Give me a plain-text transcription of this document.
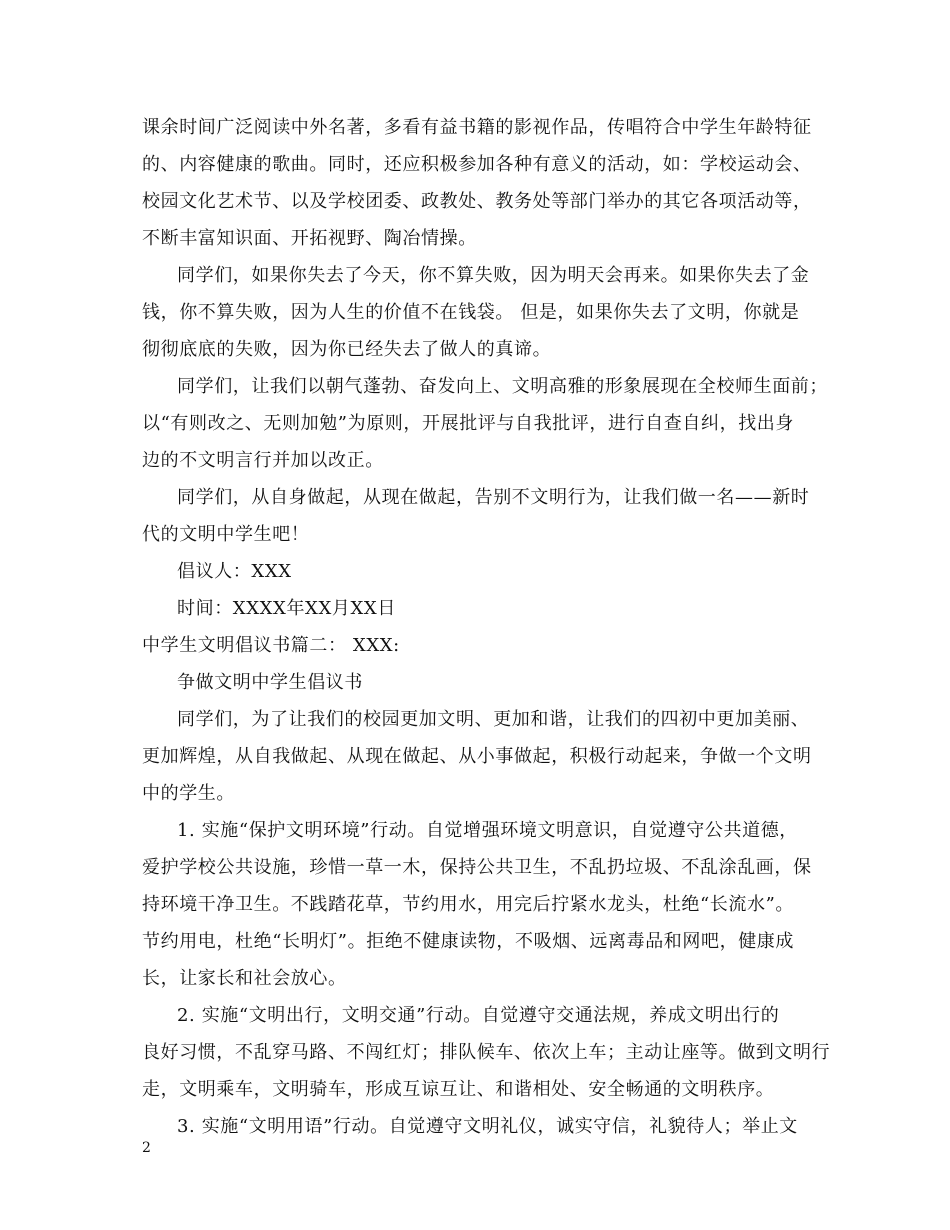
课余时间广泛阅读中外名著，多看有益书籍的影视作品，传唱符合中学生年龄特征
的、内容健康的歌曲。同时，还应积极参加各种有意义的活动，如：学校运动会、
校园文化艺术节、以及学校团委、政教处、教务处等部门举办的其它各项活动等，
不断丰富知识面、开拓视野、陶冶情操。
同学们，如果你失去了今天，你不算失败，因为明天会再来。如果你失去了金
钱，你不算失败，因为人生的价值不在钱袋。 但是，如果你失去了文明，你就是
彻彻底底的失败，因为你已经失去了做人的真谛。
同学们，让我们以朝气蓬勃、奋发向上、文明高雅的形象展现在全校师生面前；
以“有则改之、无则加勉”为原则，开展批评与自我批评，进行自查自纠，找出身
边的不文明言行并加以改正。
同学们，从自身做起，从现在做起，告别不文明行为，让我们做一名——新时
代的文明中学生吧！
倡议人：XXX
时间：XXXX年XX月XX日
中学生文明倡议书篇二： XXX:
争做文明中学生倡议书
同学们，为了让我们的校园更加文明、更加和谐，让我们的四初中更加美丽、
更加辉煌，从自我做起、从现在做起、从小事做起，积极行动起来，争做一个文明
中的学生。
1. 实施“保护文明环境”行动。自觉增强环境文明意识，自觉遵守公共道德，
爱护学校公共设施，珍惜一草一木，保持公共卫生，不乱扔垃圾、不乱涂乱画，保
持环境干净卫生。不践踏花草，节约用水，用完后拧紧水龙头，杜绝“长流水”。
节约用电，杜绝“长明灯”。拒绝不健康读物，不吸烟、远离毒品和网吧，健康成
长，让家长和社会放心。
2. 实施“文明出行，文明交通”行动。自觉遵守交通法规，养成文明出行的
良好习惯，不乱穿马路、不闯红灯；排队候车、依次上车；主动让座等。做到文明行
走，文明乘车，文明骑车，形成互谅互让、和谐相处、安全畅通的文明秩序。
3. 实施“文明用语”行动。自觉遵守文明礼仪，诚实守信，礼貌待人；举止文
2
